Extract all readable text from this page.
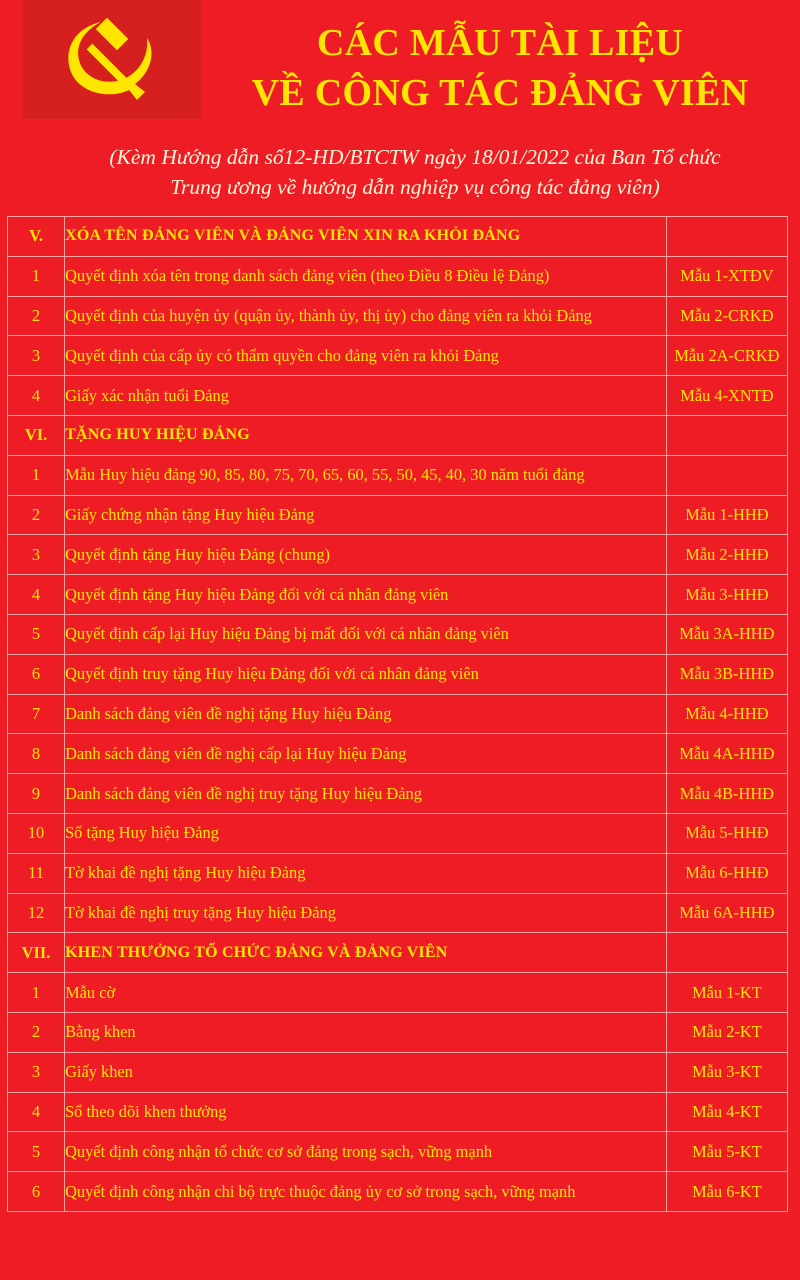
CÁC MẪU TÀI LIỆU
VỀ CÔNG TÁC ĐẢNG VIÊN
(Kèm Hướng dẫn số12-HD/BTCTW ngày 18/01/2022 của Ban Tổ chức
Trung ương về hướng dẫn nghiệp vụ công tác đảng viên)
V.	XÓA TÊN ĐẢNG VIÊN VÀ ĐẢNG VIÊN XIN RA KHỎI ĐẢNG	
1	Quyết định xóa tên trong danh sách đảng viên (theo Điều 8 Điều lệ Đảng)	Mẫu 1-XTĐV
2	Quyết định của huyện ủy (quận ủy, thành ủy, thị ủy) cho đảng viên ra khỏi Đảng	Mẫu 2-CRKĐ
3	Quyết định của cấp ủy có thẩm quyền cho đảng viên ra khỏi Đảng	Mẫu 2A-CRKĐ
4	Giấy xác nhận tuổi Đảng	Mẫu 4-XNTĐ
VI.	TẶNG HUY HIỆU ĐẢNG	
1	Mẫu Huy hiệu đảng 90, 85, 80, 75, 70, 65, 60, 55, 50, 45, 40, 30 năm tuổi đảng	
2	Giấy chứng nhận tặng Huy hiệu Đảng	Mẫu 1-HHĐ
3	Quyết định tặng Huy hiệu Đảng (chung)	Mẫu 2-HHĐ
4	Quyết định tặng Huy hiệu Đảng đối với cá nhân đảng viên	Mẫu 3-HHĐ
5	Quyết định cấp lại Huy hiệu Đảng bị mất đối với cá nhân đảng viên	Mẫu 3A-HHĐ
6	Quyết định truy tặng Huy hiệu Đảng đối với cá nhân đảng viên	Mẫu 3B-HHĐ
7	Danh sách đảng viên đề nghị tặng Huy hiệu Đảng	Mẫu 4-HHĐ
8	Danh sách đảng viên đề nghị cấp lại Huy hiệu Đảng	Mẫu 4A-HHĐ
9	Danh sách đảng viên đề nghị truy tặng Huy hiệu Đảng	Mẫu 4B-HHĐ
10	Sổ tặng Huy hiệu Đảng	Mẫu 5-HHĐ
11	Tờ khai đề nghị tặng Huy hiệu Đảng	Mẫu 6-HHĐ
12	Tờ khai đề nghị truy tặng Huy hiệu Đảng	Mẫu 6A-HHĐ
VII.	KHEN THƯỞNG TỔ CHỨC ĐẢNG VÀ ĐẢNG VIÊN	
1	Mẫu cờ	Mẫu 1-KT
2	Bằng khen	Mẫu 2-KT
3	Giấy khen	Mẫu 3-KT
4	Sổ theo dõi khen thưởng	Mẫu 4-KT
5	Quyết định công nhận tổ chức cơ sở đảng trong sạch, vững mạnh	Mẫu 5-KT
6	Quyết định công nhận chi bộ trực thuộc đảng ủy cơ sở trong sạch, vững mạnh	Mẫu 6-KT
